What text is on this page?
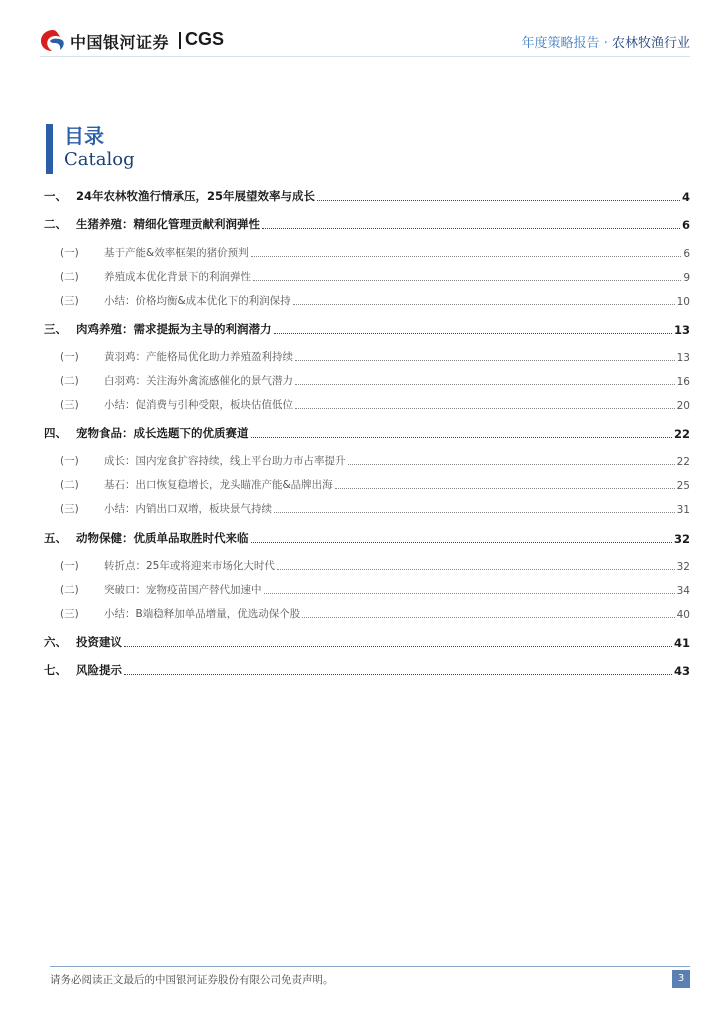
中国银河证券 CGS	年度策略报告 · 农林牧渔行业
目录
Catalog
一、 24年农林牧渔行情承压，25年展望效率与成长	4
二、 生猪养殖：精细化管理贡献利润弹性	6
(一)	基于产能&效率框架的猪价预判	6
(二)	养殖成本优化背景下的利润弹性	9
(三)	小结：价格均衡&成本优化下的利润保持	10
三、 肉鸡养殖：需求提振为主导的利润潜力	13
(一)	黄羽鸡：产能格局优化助力养殖盈利持续	13
(二)	白羽鸡：关注海外禽流感催化的景气潜力	16
(三)	小结：促消费与引种受限，板块估值低位	20
四、 宠物食品：成长选题下的优质赛道	22
(一)	成长：国内宠食扩容持续，线上平台助力市占率提升	22
(二)	基石：出口恢复稳增长，龙头瞄准产能&品牌出海	25
(三)	小结：内销出口双增，板块景气持续	31
五、 动物保健：优质单品取胜时代来临	32
(一)	转折点：25年或将迎来市场化大时代	32
(二)	突破口：宠物疫苗国产替代加速中	34
(三)	小结：B端稳释加单品增量，优选动保个股	40
六、 投资建议	41
七、 风险提示	43
请务必阅读正文最后的中国银河证券股份有限公司免责声明。	3
